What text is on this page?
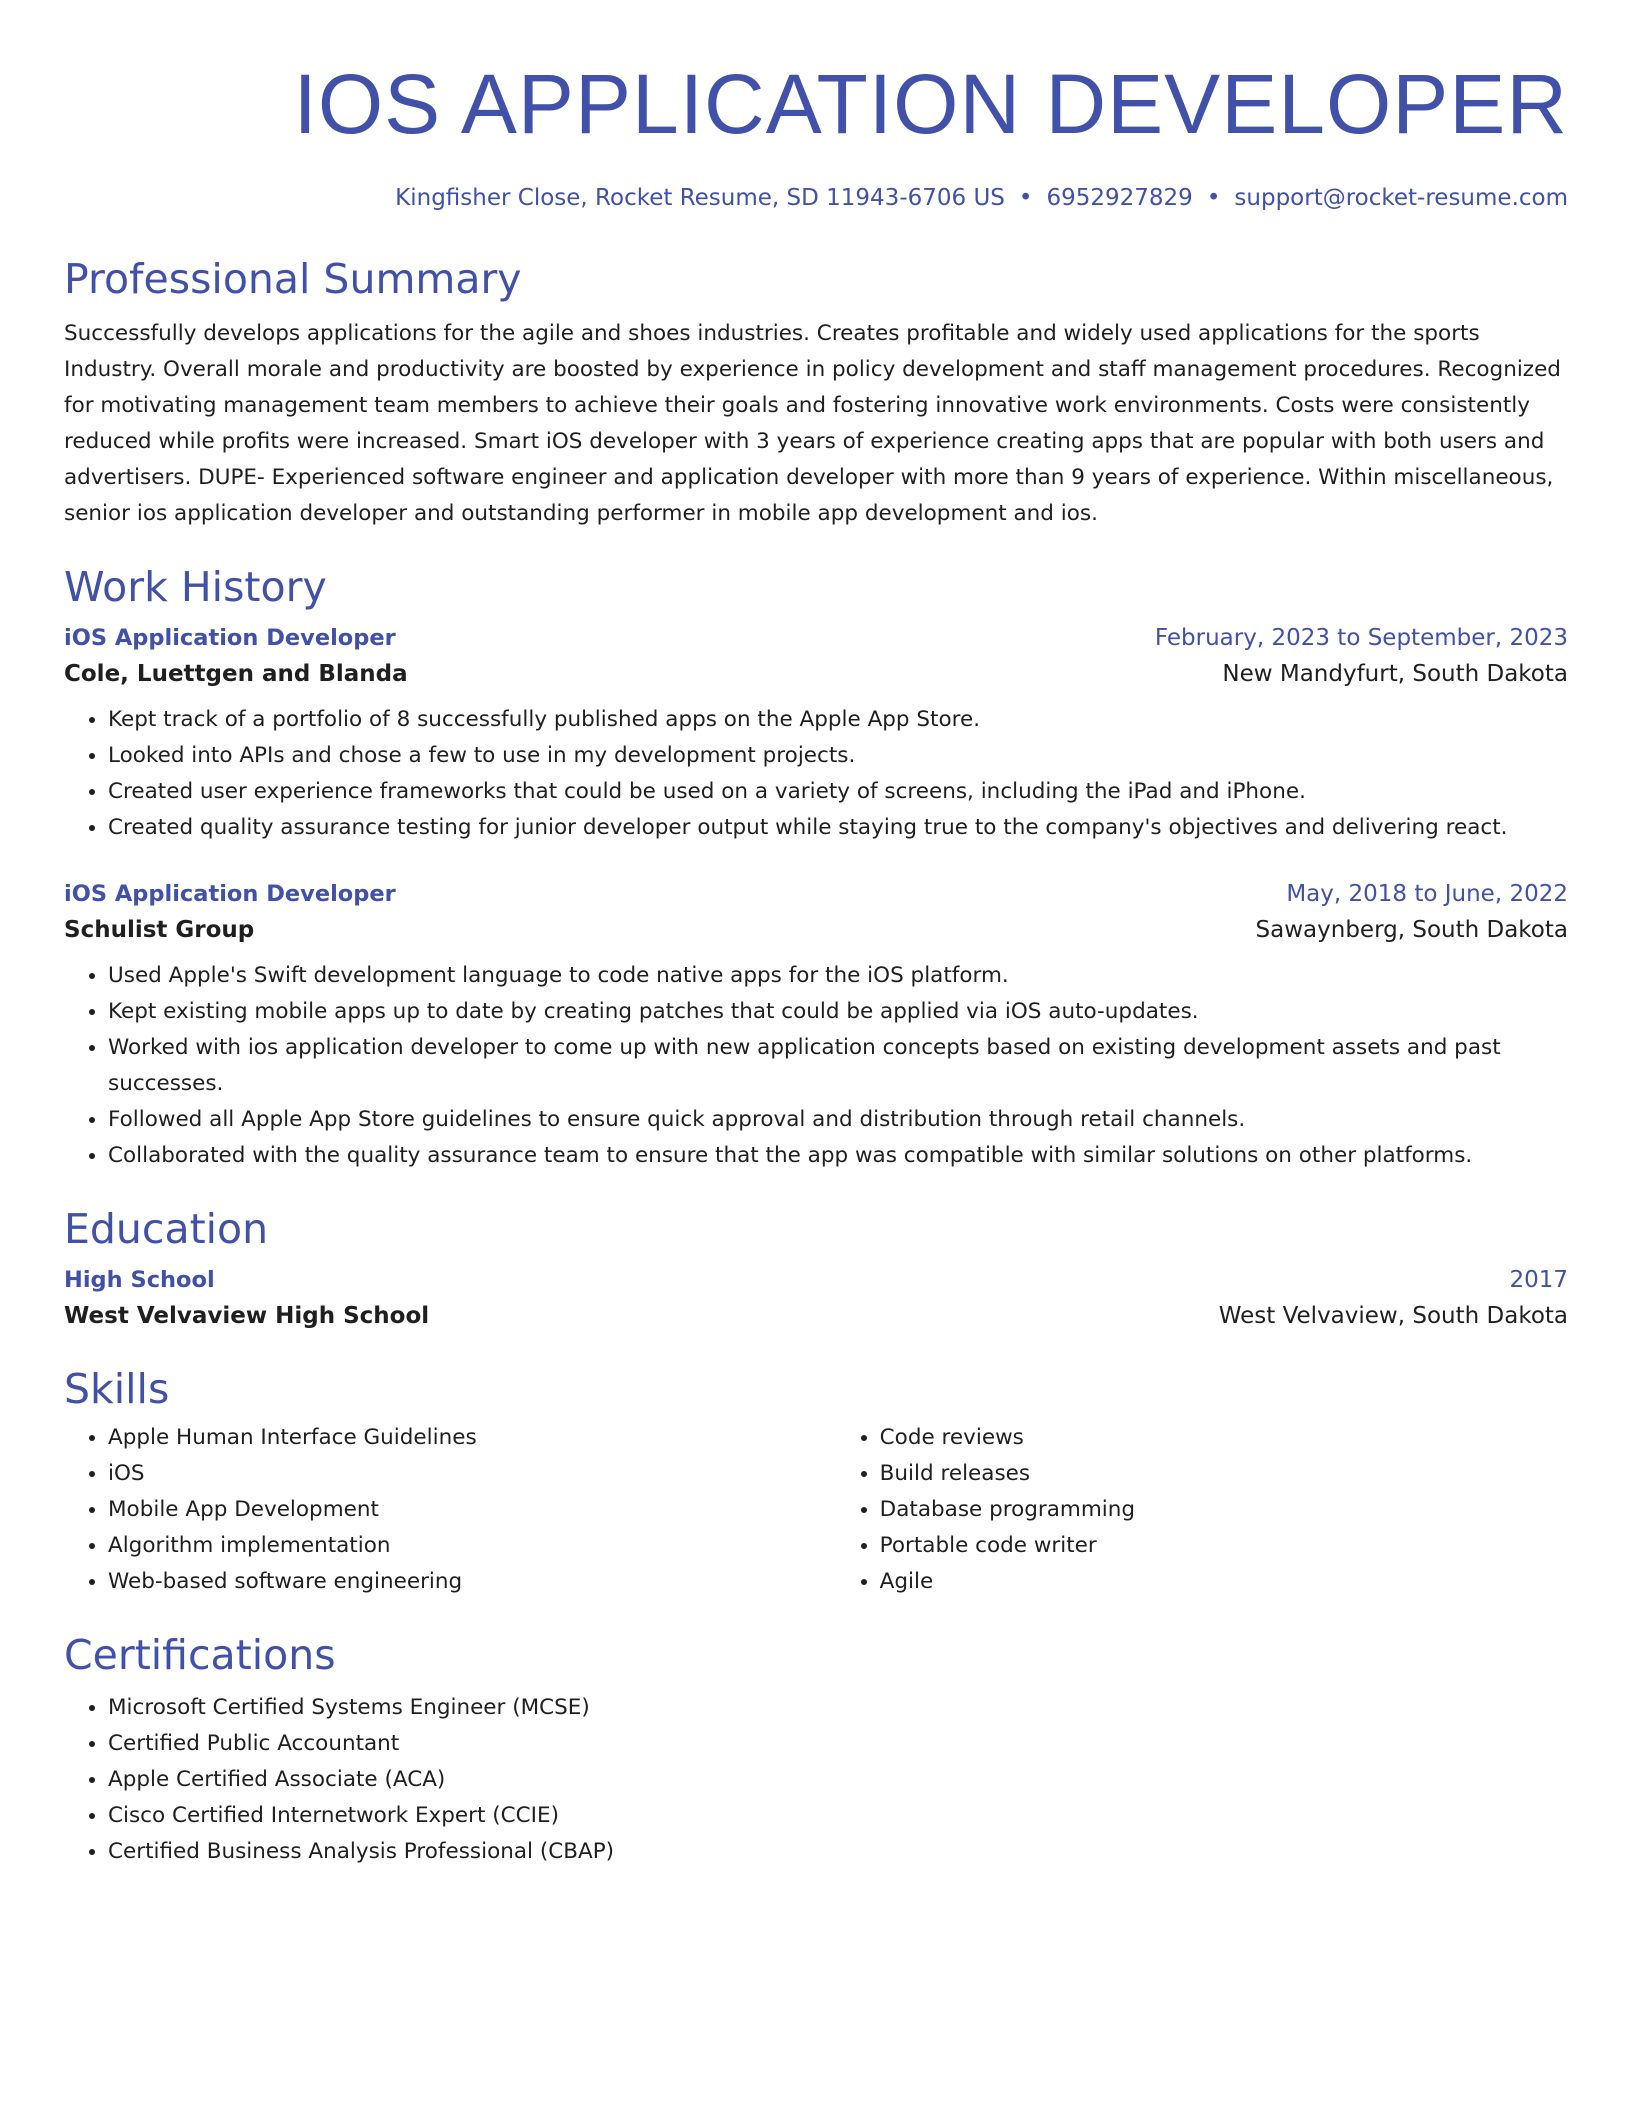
IOS APPLICATION DEVELOPER
Kingfisher Close, Rocket Resume, SD 11943-6706 US • 6952927829 • support@rocket-resume.com
Professional Summary
Successfully develops applications for the agile and shoes industries. Creates profitable and widely used applications for the sports Industry. Overall morale and productivity are boosted by experience in policy development and staff management procedures. Recognized for motivating management team members to achieve their goals and fostering innovative work environments. Costs were consistently reduced while profits were increased. Smart iOS developer with 3 years of experience creating apps that are popular with both users and advertisers. DUPE- Experienced software engineer and application developer with more than 9 years of experience. Within miscellaneous, senior ios application developer and outstanding performer in mobile app development and ios.
Work History
iOS Application Developer	February, 2023 to September, 2023
Cole, Luettgen and Blanda	New Mandyfurt, South Dakota
• Kept track of a portfolio of 8 successfully published apps on the Apple App Store.
• Looked into APIs and chose a few to use in my development projects.
• Created user experience frameworks that could be used on a variety of screens, including the iPad and iPhone.
• Created quality assurance testing for junior developer output while staying true to the company's objectives and delivering react.
iOS Application Developer	May, 2018 to June, 2022
Schulist Group	Sawaynberg, South Dakota
• Used Apple's Swift development language to code native apps for the iOS platform.
• Kept existing mobile apps up to date by creating patches that could be applied via iOS auto-updates.
• Worked with ios application developer to come up with new application concepts based on existing development assets and past successes.
• Followed all Apple App Store guidelines to ensure quick approval and distribution through retail channels.
• Collaborated with the quality assurance team to ensure that the app was compatible with similar solutions on other platforms.
Education
High School	2017
West Velvaview High School	West Velvaview, South Dakota
Skills
• Apple Human Interface Guidelines
• iOS
• Mobile App Development
• Algorithm implementation
• Web-based software engineering
• Code reviews
• Build releases
• Database programming
• Portable code writer
• Agile
Certifications
• Microsoft Certified Systems Engineer (MCSE)
• Certified Public Accountant
• Apple Certified Associate (ACA)
• Cisco Certified Internetwork Expert (CCIE)
• Certified Business Analysis Professional (CBAP)
